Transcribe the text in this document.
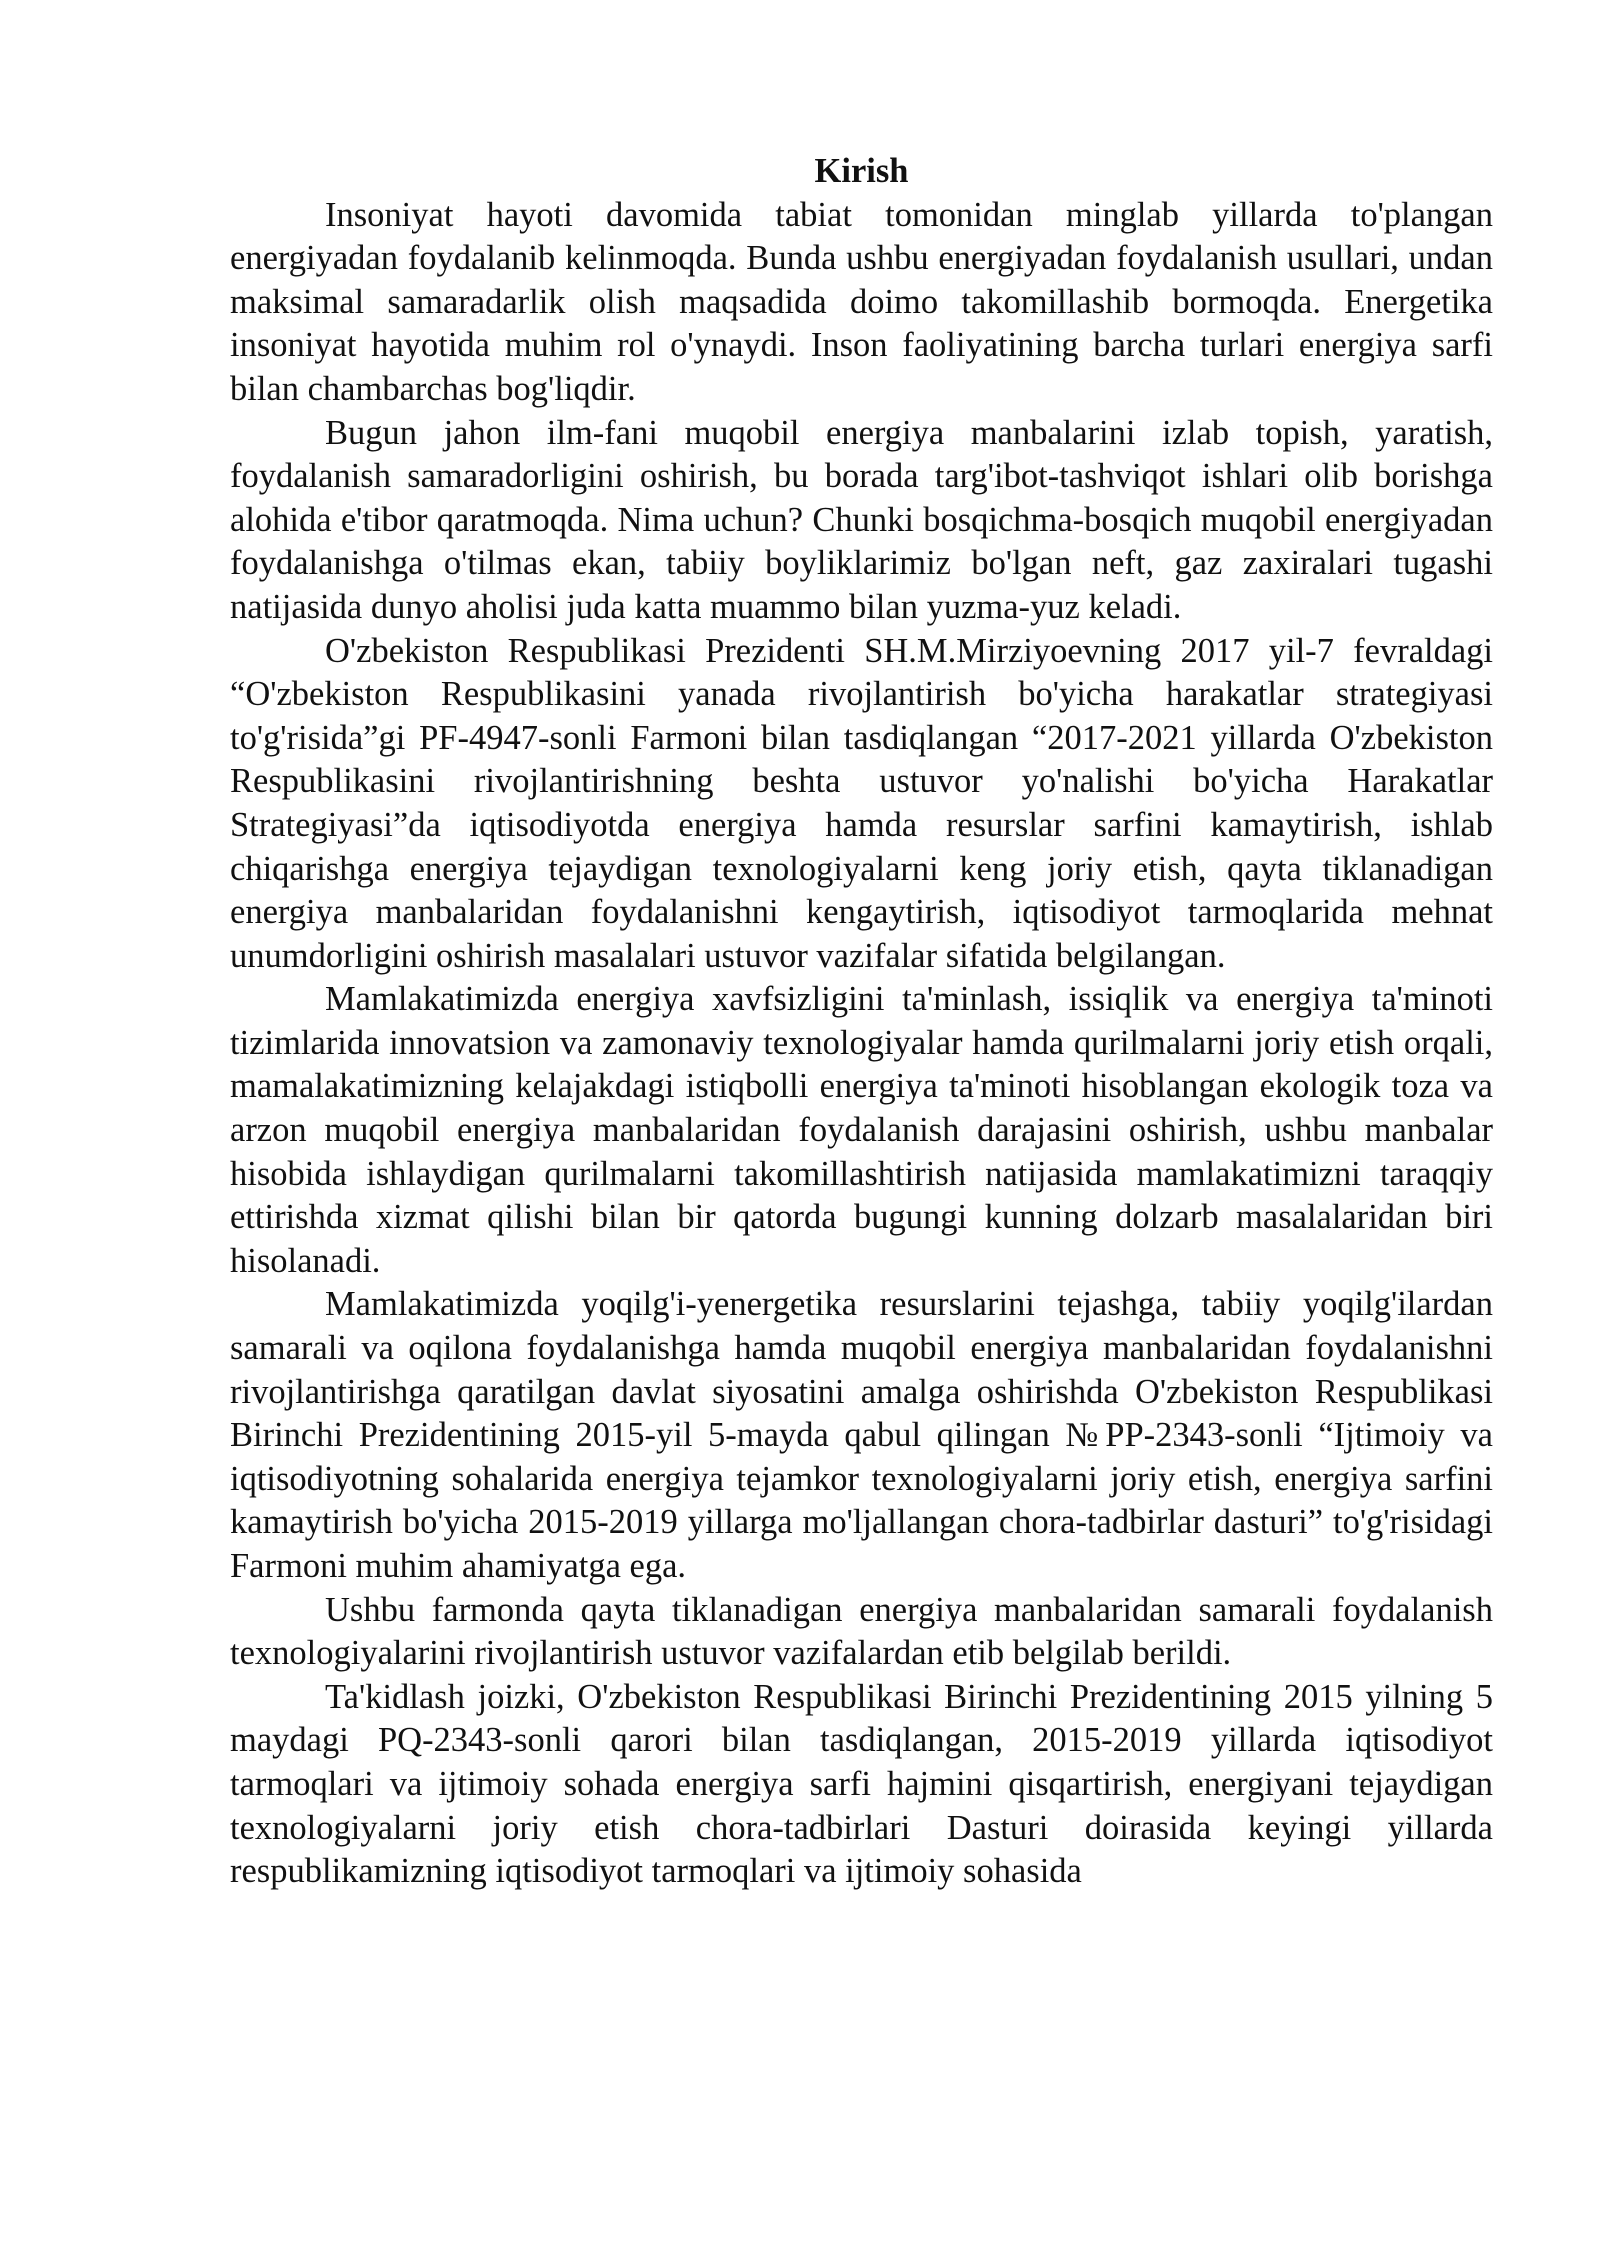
Kirish

Insoniyat hayoti davomida tabiat tomonidan minglab yillarda to'plangan energiyadan foydalanib kelinmoqda. Bunda ushbu energiyadan foydalanish usullari, undan maksimal samaradarlik olish maqsadida doimo takomillashib bormoqda. Energetika insoniyat hayotida muhim rol o'ynaydi. Inson faoliyatining barcha turlari energiya sarfi bilan chambarchas bog'liqdir.

Bugun jahon ilm-fani muqobil energiya manbalarini izlab topish, yaratish, foydalanish samaradorligini oshirish, bu borada targ'ibot-tashviqot ishlari olib borishga alohida e'tibor qaratmoqda. Nima uchun? Chunki bosqichma-bosqich muqobil energiyadan foydalanishga o'tilmas ekan, tabiiy boyliklarimiz bo'lgan neft, gaz zaxiralari tugashi natijasida dunyo aholisi juda katta muammo bilan yuzma-yuz keladi.

O'zbekiston Respublikasi Prezidenti SH.M.Mirziyoevning 2017 yil-7 fevraldagi “O'zbekiston Respublikasini yanada rivojlantirish bo'yicha harakatlar strategiyasi to'g'risida”gi PF-4947-sonli Farmoni bilan tasdiqlangan “2017-2021 yillarda O'zbekiston Respublikasini rivojlantirishning beshta ustuvor yo'nalishi bo'yicha Harakatlar Strategiyasi”da iqtisodiyotda energiya hamda resurslar sarfini kamaytirish, ishlab chiqarishga energiya tejaydigan texnologiyalarni keng joriy etish, qayta tiklanadigan energiya manbalaridan foydalanishni kengaytirish, iqtisodiyot tarmoqlarida mehnat unumdorligini oshirish masalalari ustuvor vazifalar sifatida belgilangan.

Mamlakatimizda energiya xavfsizligini ta'minlash, issiqlik va energiya ta'minoti tizimlarida innovatsion va zamonaviy texnologiyalar hamda qurilmalarni joriy etish orqali, mamalakatimizning kelajakdagi istiqbolli energiya ta'minoti hisoblangan ekologik toza va arzon muqobil energiya manbalaridan foydalanish darajasini oshirish, ushbu manbalar hisobida ishlaydigan qurilmalarni takomillashtirish natijasida mamlakatimizni taraqqiy ettirishda xizmat qilishi bilan bir qatorda bugungi kunning dolzarb masalalaridan biri hisolanadi.

Mamlakatimizda yoqilg'i-yenergetika resurslarini tejashga, tabiiy yoqilg'ilardan samarali va oqilona foydalanishga hamda muqobil energiya manbalaridan foydalanishni rivojlantirishga qaratilgan davlat siyosatini amalga oshirishda O'zbekiston Respublikasi Birinchi Prezidentining 2015-yil 5-mayda qabul qilingan №PP-2343-sonli “Ijtimoiy va iqtisodiyotning sohalarida energiya tejamkor texnologiyalarni joriy etish, energiya sarfini kamaytirish bo'yicha 2015-2019 yillarga mo'ljallangan chora-tadbirlar dasturi” to'g'risidagi Farmoni muhim ahamiyatga ega.

Ushbu farmonda qayta tiklanadigan energiya manbalaridan samarali foydalanish texnologiyalarini rivojlantirish ustuvor vazifalardan etib belgilab berildi.

Ta'kidlash joizki, O'zbekiston Respublikasi Birinchi Prezidentining 2015 yilning 5 maydagi PQ-2343-sonli qarori bilan tasdiqlangan, 2015-2019 yillarda iqtisodiyot tarmoqlari va ijtimoiy sohada energiya sarfi hajmini qisqartirish, energiyani tejaydigan texnologiyalarni joriy etish chora-tadbirlari Dasturi doirasida keyingi yillarda respublikamizning iqtisodiyot tarmoqlari va ijtimoiy sohasida
